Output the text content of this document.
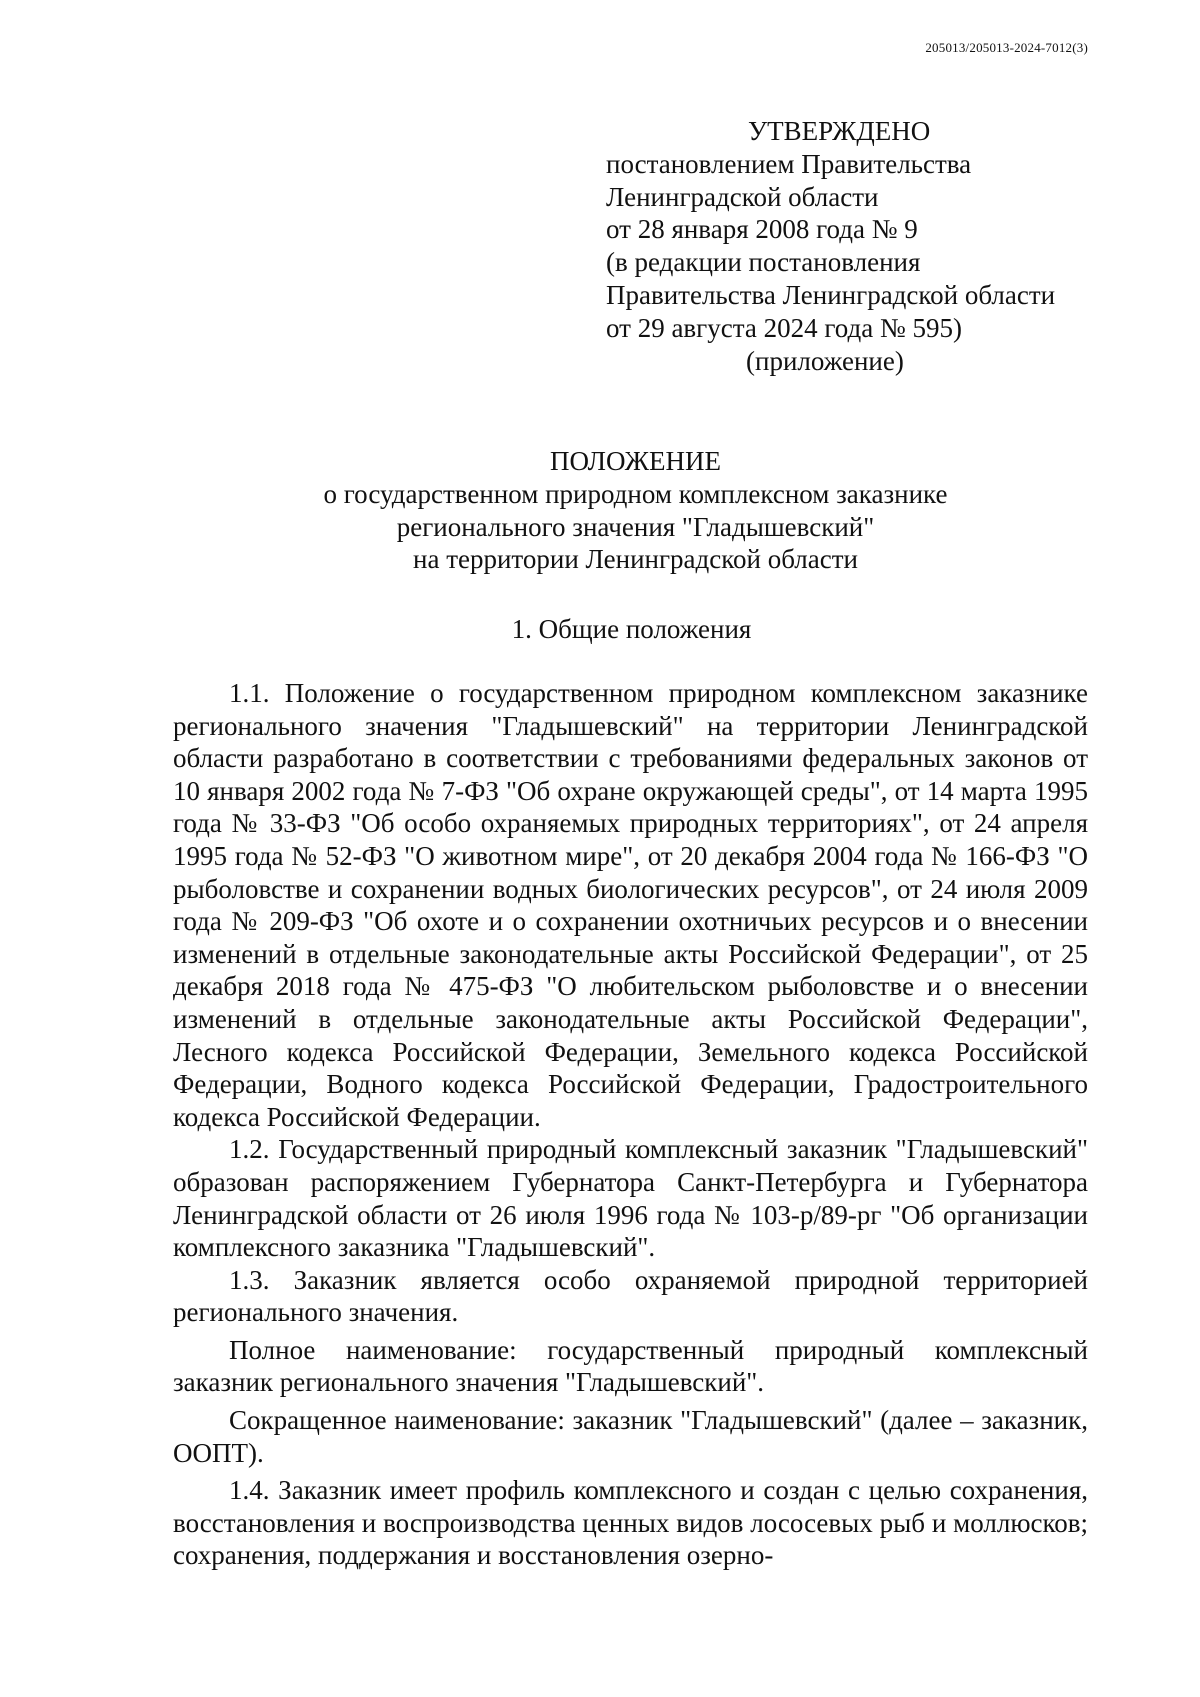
205013/205013-2024-7012(3)
УТВЕРЖДЕНО
постановлением Правительства
Ленинградской области
от 28 января 2008 года № 9
(в редакции постановления
Правительства Ленинградской области
от 29 августа 2024 года № 595)
(приложение)
ПОЛОЖЕНИЕ
о государственном природном комплексном заказнике
регионального значения "Гладышевский"
на территории Ленинградской области
1. Общие положения

1.1. Положение о государственном природном комплексном заказнике регионального значения "Гладышевский" на территории Ленинградской области разработано в соответствии с требованиями федеральных законов от 10 января 2002 года № 7-ФЗ "Об охране окружающей среды", от 14 марта 1995 года № 33-ФЗ "Об особо охраняемых природных территориях", от 24 апреля 1995 года № 52-ФЗ "О животном мире", от 20 декабря 2004 года № 166-ФЗ "О рыболовстве и сохранении водных биологических ресурсов", от 24 июля 2009 года № 209-ФЗ "Об охоте и о сохранении охотничьих ресурсов и о внесении изменений в отдельные законодательные акты Российской Федерации", от 25 декабря 2018 года № 475-ФЗ "О любительском рыболовстве и о внесении изменений в отдельные законодательные акты Российской Федерации", Лесного кодекса Российской Федерации, Земельного кодекса Российской Федерации, Водного кодекса Российской Федерации, Градостроительного кодекса Российской Федерации.

1.2. Государственный природный комплексный заказник "Гладышевский" образован распоряжением Губернатора Санкт-Петербурга и Губернатора Ленинградской области от 26 июля 1996 года № 103-р/89-рг "Об организации комплексного заказника "Гладышевский".

1.3. Заказник является особо охраняемой природной территорией регионального значения.

Полное наименование: государственный природный комплексный заказник регионального значения "Гладышевский".

Сокращенное наименование: заказник "Гладышевский" (далее – заказник, ООПТ).

1.4. Заказник имеет профиль комплексного и создан с целью сохранения, восстановления и воспроизводства ценных видов лососевых рыб и моллюсков; сохранения, поддержания и восстановления озерно-
